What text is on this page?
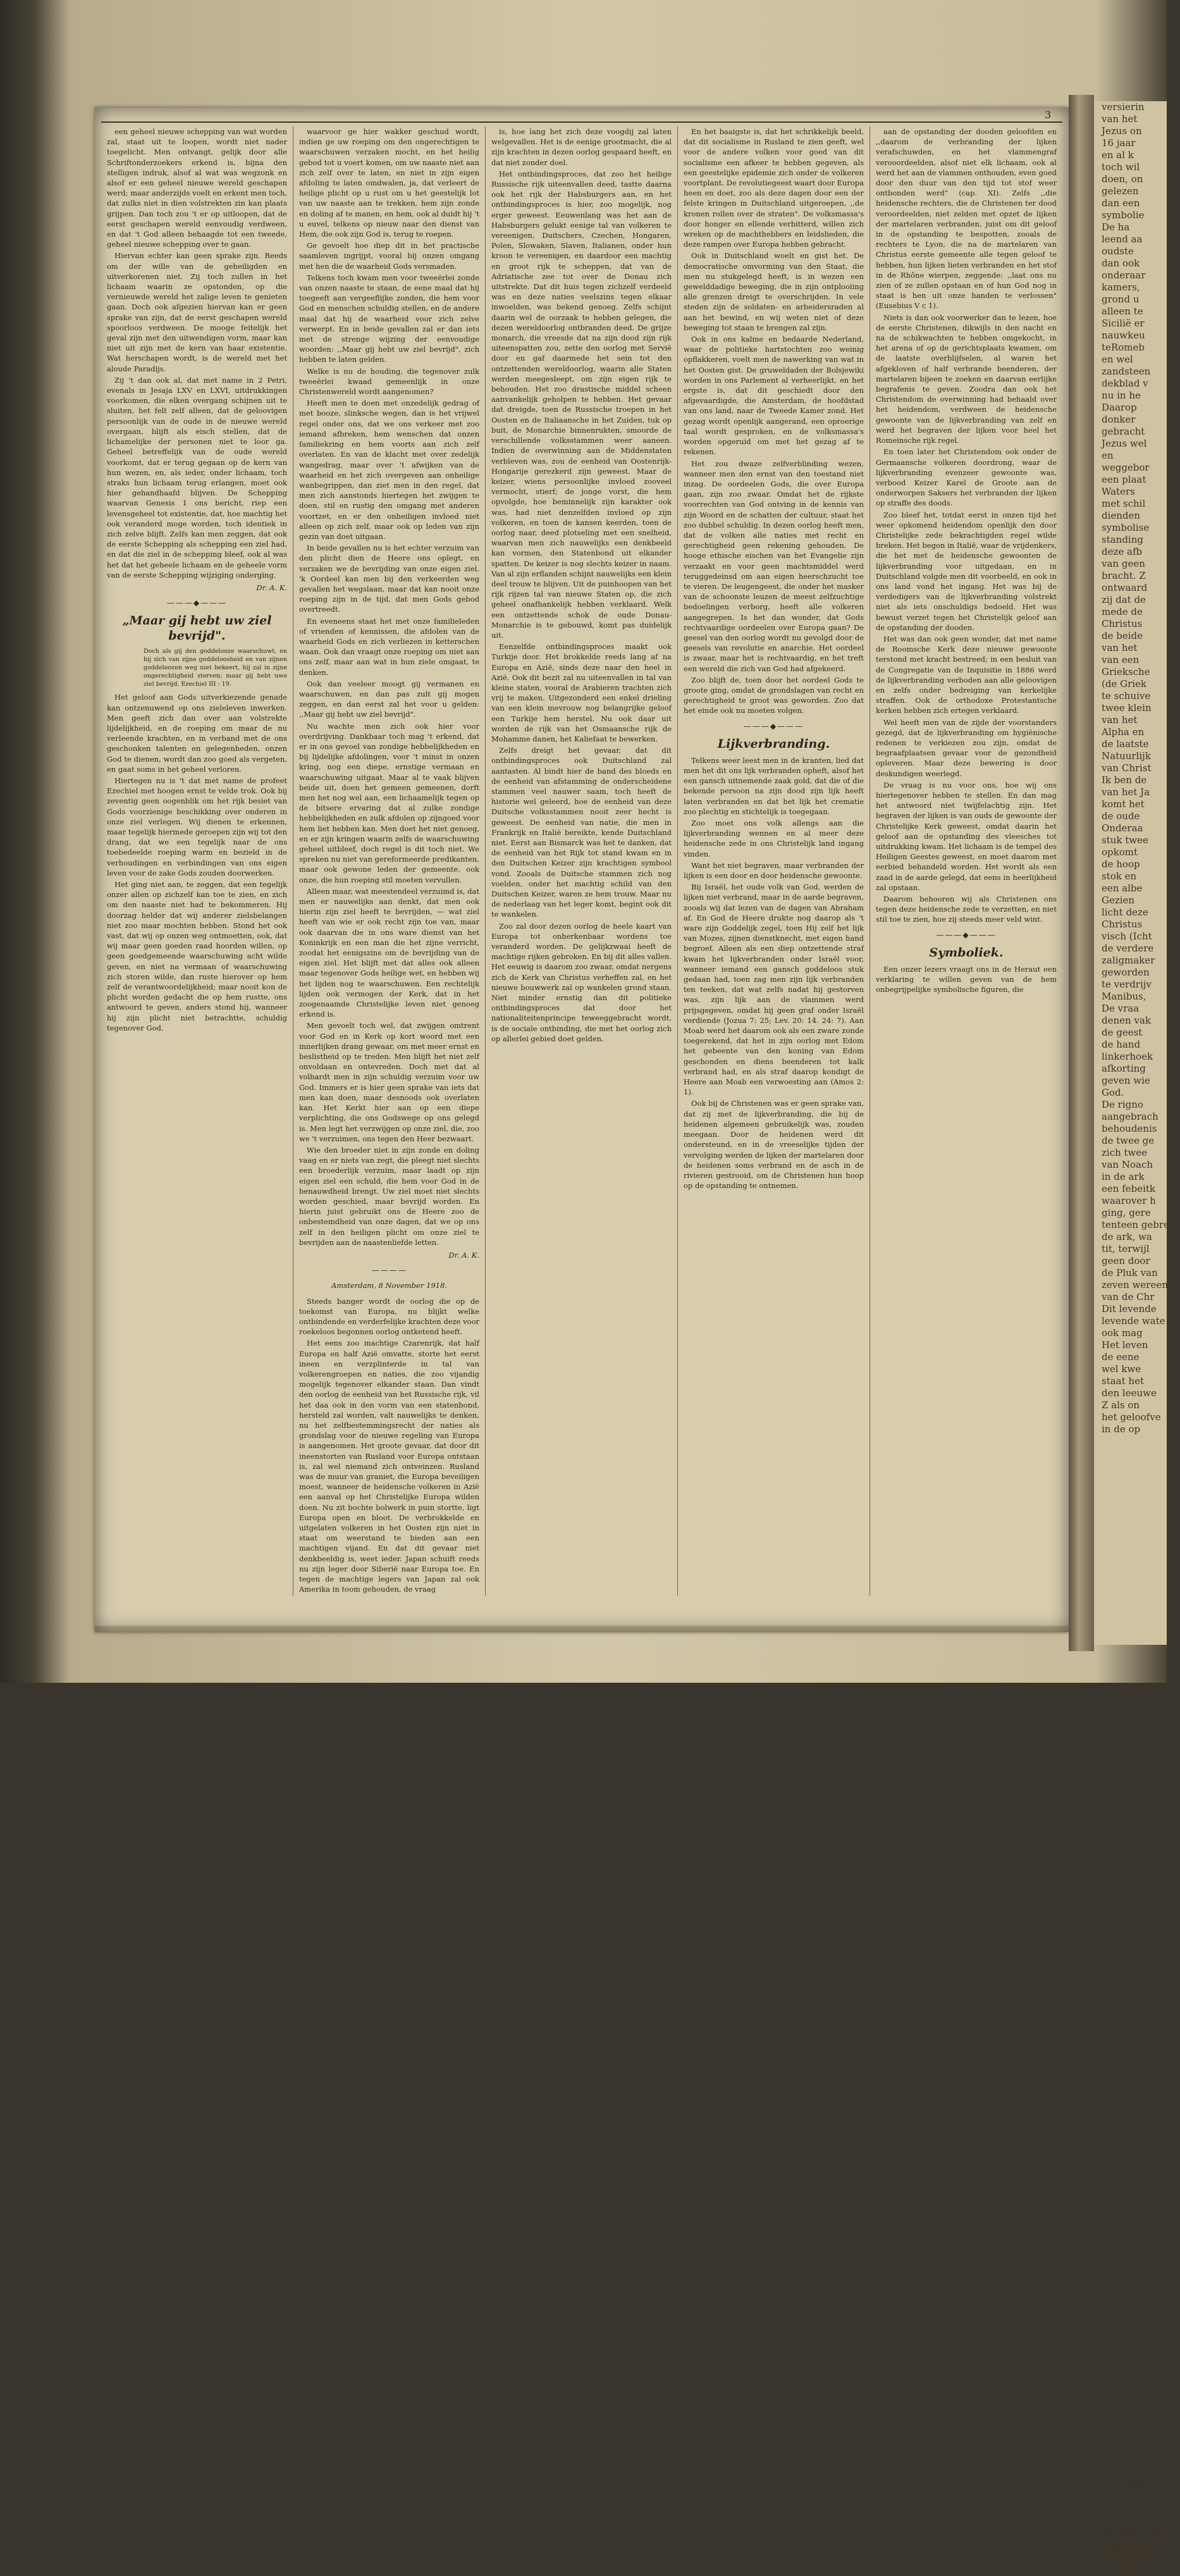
3

een geheel nieuwe schepping van wat worden zal, staat uit te loopen, wordt niet nader toegelicht. Men ontvangt, gelijk door alle Schriftonderzoekers erkend is, bijna den stelligen indruk, alsof al wat was wegzonk en alsof er een geheel nieuwe wereld geschapen werd; maar anderzijds voelt en erkent men toch, dat zulks niet in dien volstrekten zin kan plaats grijpen. Dan toch zou 't er op uitloopen, dat de eerst geschapen wereld eenvoudig verdween, en dat 't God alleen behaagde tot een tweede, geheel nieuwe schepping over te gaan.

Hiervan echter kan geen sprake zijn. Reeds om der wille van de geheiligden en uitverkorenen niet. Zij toch zullen in het lichaam waarin ze opstonden, op die vernieuwde wereld het zalige leven te genieten gaan. Doch ook afgezien hiervan kan er geen sprake van zijn, dat de eerst geschapen wereld spoorloos verdween. De mooge feitelijk het geval zijn met den uitwendigen vorm, maar kan niet uit zijn met de kern van haar existentie. Wat herschapen wordt, is de wereld met het aloude Paradijs.

Zij 't dan ook al, dat met name in 2 Petri, evenals in Jesaja LXV en LXVI, uitdrukkingen voorkomen, die elken overgang schijnen uit te sluiten, het felt zelf alleen, dat de geloovigen persoonlijk van de oude in de nieuwe wereld overgaan, blijft als eisch stellen, dat de lichamelijke der personen niet te loor ga. Geheel betreffelijk van de oude wereld voorkomt, dat er terug gegaan op de kern van hun wezen, en, als ieder, onder lichaam, toch straks hun lichaam terug erlangen, moet ook hier gehandhaafd blijven. De Schepping waarvan Genesis 1 ons bericht, riep een levensgeheel tot existentie, dat, hoe machtig het ook veranderd moge worden, toch identiek in zich zelve blijft. Zelfs kan men zeggen, dat ook de eerste Schepping als schepping een ziel had, en dat die ziel in de schepping bleef, ook al was het dat het geheele lichaam en de geheele vorm van de eerste Schepping wijziging onderging.

Dr. A. K.

———◆———

„Maar gij hebt uw ziel bevrijd".

Doch als gij den goddelooze waarschuwt, en hij zich van zijne goddeloosheid en van zijnen goddeloozen weg niet bekeert, hij zal in zijne ongerechtigheid sterven; maar gij hebt uwe ziel bevrijd. Ezechiel III : 19.

Het geloof aan Gods uitverkiezende genade kan ontzenuwend op ons zieleleven inwerken. Men geeft zich dan over aan volstrekte lijdelijkheid, en de roeping om maar de nu verleende krachten, en in verband met de ons geschonken talenten en gelegenheden, onzen God te dienen, wordt dan zoo goed als vergeten, en gaat soms in het geheel verloren.

Hiertegen nu is 't dat met name de profeet Ezechiel met hoogen ernst te velde trok. Ook bij zeventig geen oogenblik om het rijk besiet van Gods voorzienige beschikking over onderen in onze ziel verlegen. Wij dienen te erkennen, maar tegelijk hiermede geroepen zijn wij tot den drang, dat we een tegelijk naar de ons toebedeelde roeping warm en bezield in de verhoudingen en verbindingen van ons eigen leven voor de zake Gods zouden doorwerken.

Het ging niet aan, te zeggen, dat een tegelijk onzer allen op zichzelf kan toe te zien, en zich om den naaste niet had te bekommeren. Hij doorzag helder dat wij anderer zielsbelangen niet zoo maar mochten hebben. Stond het ook vast, dat wij op onzen weg ontmoetten, ook, dat wij maar geen goeden raad hoorden willen, op geen goedgemeende waarschuwing acht wilde geven, en niet na vermaan of waarschuwing zich storen wilde, dan ruste hierover op hem zelf de verantwoordelijkheid; maar nooit kon de plicht worden gedacht die op hem rustte, ons antwoord te geven, anders stond hij, wanneer hij zijn plicht niet betrachtte, schuldig tegenover God.

waarvoor ge hier wakker geschud wordt, indien ge uw roeping om den ongerechtigen te waarschuwen verzaken mocht, en het heilig gebod tot u voert komen, om uw naaste niet aan zich zelf over te laten, en niet in zijn eigen afdoling te laten omdwalen, ja, dat verleert de heilige plicht op u rust om u het geestelijk lot van uw naaste aan te trekken, hem zijn zonde en doling af te manen, en hem, ook al duidt hij 't u euvel, telkens op nieuw naar den dienst van Hem, die ook zijn God is, terug te roepen.

Ge gevoelt hoe diep dit in het practische saamleven ingrijpt, vooral bij onzen omgang met hen die de waarheid Gods versmaden.

Telkens toch kwam men voor tweeërlei zonde van onzen naaste te staan, de eene maal dat hij toegeeft aan vergeeflijke zonden, die hem voor God en menschen schuldig stellen, en de andere maal dat hij de waarheid voor zich zelve verwerpt. En in beide gevallen zal er dan iets met de strenge wijzing der eenvoudige woorden: ,,Maar gij hebt uw ziel bevrijd", zich hebben te laten gelden.

Welke is nu de houding, die tegenover zulk tweeërlei kwaad gemeenlijk in onze Christenwereld wordt aangenomen?

Heeft men te doen met onzedelijk gedrag of met booze, slinksche wegen, dan is het vrijwel regel onder ons, dat we ons verkeer met zoo iemand afbreken, hem wenschen dat onzen familiekring en hem voorts aan zich zelf overlaten. En van de klacht met over zedelijk wangedrag, maar over 't afwijken van de waarheid en het zich overgeven aan onheilige wanbegrippen, dan ziet men in den regel, dat men zich aanstonds hiertegen het zwijgen te doen, stil en rustig den omgang met anderen voortzet, en er den onheiligen invloed niet alleen op zich zelf, maar ook op leden van zijn gezin van doet uitgaan.

In beide gevallen nu is het echter verzuim van den plicht dien de Heere ons oplegt, en verzaken we de bevrijding van onze eigen ziel. 'k Oordeel kan men bij den verkeerden weg gevallen het wegslaan, maar dat kan nooit onze roeping zijn in de tijd, dat men Gods gebod overtreedt.

En eveneens staat het met onze familieleden of vrienden of kennissen, die afdolen van de waarheid Gods en zich verliezen in ketterschen waan. Ook dan vraagt onze roeping om niet aan ons zelf, maar aan wat in hun ziele omgaat, te denken.

Ook dan veeleer moogt gij vermanen en waarschuwen, en dan pas zult gij mogen zeggen, en dan eerst zal het voor u gelden: ,,Maar gij hebt uw ziel bevrijd".

Nu wachte men zich ook hier voor overdrijving. Dankbaar toch mag 't erkend, dat er in ons gevoel van zondige hebbelijkheden en bij lijdelijke afdolingen, voor 't minst in onzen kring, nog een diepe, ernstige vermaan en waarschuwing uitgaat. Maar al te vaak blijven beide uit, doen het gemeen gemeenen, dorft men het nog wel aan, een lichaamelijk tegen op de bitsere ervaring dat al zulke zondige hebbelijkheden en zulk afdolen op zijngoed voor hem liet hebben kan. Men doet het niet genoeg, en er zijn kringen waarin zelfs de waarschuwing geheel uitbleef, doch regel is dit toch niet. We spreken nu niet van gereformeerde predikanten, maar ook gewone leden der gemeente, ook onze, die hun roeping stil moeten vervullen.

Alleen maar, wat meestendeel verzuimd is, dat men er nauwelijks aan denkt, dat men ook hierin zijn ziel heeft te bevrijden, — wat ziel heeft van wie er ook recht zijn toe van, maar ook daarvan die in ons ware dienst van het Koninkrijk en een man die het zijne verricht, zoodat het eenigszins om de bevrijding van de eigen ziel. Het blijft met dat alles ook alleen maar tegenover Gods heilige wet, en hebben wij het lijden nog te waarschuwen. Een rechtelijk lijden ook vermogen der Kerk, dat in het zoogenaamde Christelijke leven niet genoeg erkend is.

Men gevoelt toch wel, dat zwijgen omtrent voor God en in Kerk op kort woord met een innerlijken drang gewaar, om met meer ernst en beslistheid op te treden. Men blijft het niet zelf onvoldaan en ontevreden. Doch met dat al volhardt men in zijn schuldig verzuim voor uw God. Immers er is hier geen sprake van iets dat men kan doen, maar desnoods ook overlaten kan. Het Kerkt hier aan op een diepe verplichting, die ons Godswege op ons gelegd is. Men legt het verzwijgen op onze ziel, die, zoo we 't verzuimen, ons tegen den Heer bezwaart.

Wie den broeder niet in zijn zonde en doling vaag en er niets van zegt, die pleegt niet slechts een broederlijk verzuim, maar laadt op zijn eigen ziel een schuld, die hem voor God in de benauwdheid brengt. Uw ziel moet niet slechts worden geschied, maar bevrijd worden. En hierin juist gebruikt ons de Heere zoo de onbestemdheid van onze dagen, dat we op ons zelf in den heiligen plicht om onze ziel te bevrijden aan de naastenliefde letten.

Dr. A. K.

————

Amsterdam, 8 November 1918.

Steeds banger wordt de oorlog die op de toekomst van Europa, nu blijkt welke ontbindende en verderfelijke krachten deze voor roekeloos begonnen oorlog ontketend heeft.

Het eens zoo machtige Czarenrijk, dat half Europa en half Azië omvatte, storte het eerst ineen en verzplinterde in tal van volkerengroepen en naties, die zoo vijandig mogelijk tegenover elkander staan. Dan vindt den oorlog de eenheid van het Russische rijk, vil het daa ook in den vorm van een statenbond, hersteld zal worden, valt nauwelijks te denken, nu het zelfbestemmingsrecht der naties als grondslag voor de nieuwe regeling van Europa is aangenomen. Het groote gevaar, dat door dit ineenstorten van Rusland voor Europa ontstaan is, zal wel niemand zich ontveinzen. Rusland was de muur van graniet, die Europa beveiligen moest, wanneer de heidensche volkeren in Azië een aanval op het Christelijke Europa wilden doen. Nu zit bochte bolwerk in puin stortte, ligt Europa open en bloot. De verbrokkelde en uitgelaten volkeren in het Oosten zijn niet in staat om weerstand te bieden aan een machtigen vijand. En dat dit gevaar niet denkbeeldig is, weet ieder. Japan schuift reeds nu zijn leger door Siberië naar Europa toe. En tegen de machtige legers van Japan zal ook Amerika in toom gehouden, de vraag

is, hoe lang het zich deze voogdij zal laten welgevallen. Het is de eenige grootmacht, die al zijn krachten in dezen oorlog gespaard heeft, en dat niet zonder doel.

Het ontbindingsproces, dat zoo het heilige Russische rijk uiteenvallen deed, tastte daarna ook het rijk der Habsburgers aan, en het ontbindingsproces is hier, zoo mogelijk, nog erger geweest. Eeuwenlang was het aan de Habsburgers gelukt eenige tal van volkeren te vereenigen, Duitschers, Czechen, Hongaren, Polen, Slowaken, Slaven, Italianen, onder hun kroon te vereenigen, en daardoor een machtig en groot rijk te scheppen, dat van de Adriatische zee tot over de Donau zich uitstrekte. Dat dit huis tegen zichzelf verdeeld was en deze naties veelszins tegen elkaar inwoelden, was bekend genoeg. Zelfs schijnt daarin wel de oorzaak te hebben gelegen, die dezen wereldoorlog ontbranden deed. De grijze monarch, die vreesde dat na zijn dood zijn rijk uiteenspatten zou, zette den oorlog met Servië door en gaf daarmede het sein tot den ontzettenden wereldoorlog, waarin alle Staten werden meegesleept, om zijn eigen rijk te behouden. Het zoo drastische middel scheen aanvankelijk geholpen te hebben. Het gevaar dat dreigde, toen de Russische troepen in het Oosten en de Italiaansche in het Zuiden, tuk op buit, de Monarchie binnenrukten, smoorde de verschillende volksstammen weer aaneen. Indien de overwinning aan de Middenstaten verbleven was, zou de eenheid van Oostenrijk-Hongarije gerezkerd zijn geweest. Maar de keizer, wiens persoonlijke invloed zooveel vermocht, stierf; de jonge vorst, die hem opvolgde, hoe beminnelijk zijn karakter ook was, had niet denzelfden invloed op zijn volkeren, en toen de kansen keerden, toen de oorlog naar, deed plotseling met een snelheid, waarvan men zich nauwelijks een denkbeeld kan vormen, den Statenbond uit elkander spatten. De keizer is nog slechts keizer in naam. Van al zijn erflanden schijnt nauwelijks een klein deel trouw te blijven. Uit de puinhoopen van het rijk rijzen tal van nieuwe Staten op, die zich geheel onafhankelijk hebben verklaard. Welk een ontzettende schok de oude Donau-Monarchie is te gebouwd, komt pas duidelijk uit.

Eenzelfde ontbindingsproces maakt ook Turkije door. Het brokkelde reeds lang af na Europa en Azië, sinds deze naar den heel in Azië. Ook dit bezit zal nu uiteenvallen in tal van kleine staten, vooral de Arabieren trachten zich vrij te maken. Uitgezonderd een enkel drieling van een klein mevrouw nog belangrijke geloof een Turkije hem herstel. Nu ook daar uit worden de rijk van het Osmaansche rijk de Mohamme danen, het Kaliefaat te bewerken.

Zelfs dreigt het gevaar, dat dit ontbindingsproces ook Duitschland zal aantasten. Al bindt hier de band des bloeds en de eenheid van afstamming de onderscheidene stammen veel nauwer saam, toch heeft de historie wel geleerd, hoe de eenheid van deze Duitsche volksstammen nooit zeer hecht is geweest. De eenheid van natie, die men in Frankrijk en Italië bereikte, kende Duitschland niet. Eerst aan Bismarck was het te danken, dat de eenheid van het Rijk tot stand kwam en in den Duitschen Keizer zijn krachtigen symbool vond. Zooals de Duitsche stammen zich nog voelden, onder het machtig schild van den Duitschen Keizer, waren ze hem trouw. Maar nu de nederlaag van het leger komt, begint ook dit te wankelen.

Zoo zal door dezen oorlog de heele kaart van Europa tot onherkenbaar wordens toe veranderd worden. De gelijkzwaai heeft de machtige rijken gebroken. En bij dit alles vallen. Het eeuwig is daarom zoo zwaar, omdat nergens zich de Kerk van Christus verheffen zal, en het nieuwe bouwwerk zal op wankelen grond staan. Niet minder ernstig dan dit politieke ontbindingsproces dat door het nationaliteitenprincipe teweeggebracht wordt, is de sociale ontbinding, die met het oorlog zich op allerlei gebied doet gelden.

En het baaigste is, dat het schrikkelijk beeld, dat dit socialisme in Rusland te zien geeft, wel voor de andere volken voor goed van dit socialisme een afkeer te hebben gegeven, als een geestelijke epidemie zich onder de volkeren voortplant. De revolutiegeest waart door Europa heen en doet, zoo als deze dagen door een der felste kringen in Duitschland uitgeroepen, ,,de kronen rollen over de straten". De volksmassa's door honger en ellende verbitterd, willen zich wreken op de machthebbers en leidslieden, die deze rampen over Europa hebben gebracht.

Ook in Duitschland woelt en gist het. De democratische omvorming van den Staat, die men nu stukgelegd heeft, is in wezen een gewelddadige beweging, die in zijn ontplooiing alle grenzen dreigt te overschrijden. In vele steden zijn de soldaten- en arbeidersraden al aan het bewind, en wij weten niet of deze beweging tot staan te brengen zal zijn.

Ook in ons kalme en bedaarde Nederland, waar de politieke hartstochten zoo weinig opflakkeren, voelt men de nawerking van wat in het Oosten gist. De gruweldaden der Bolsjewiki worden in ons Parlement al verheerlijkt, en het ergste is, dat dit geschiedt door den afgevaardigde, die Amsterdam, de hoofdstad van ons land, naar de Tweede Kamer zond. Het gezag wordt openlijk aangerand, een oproerige taal wordt gesproken, en de volksmassa's worden opgeruid om met het gezag af te rekenen.

Het zou dwaze zelfverblinding wezen, wanneer men den ernst van den toestand niet inzag. De oordeelen Gods, die over Europa gaan, zijn zoo zwaar. Omdat het de rijkste voorrechten van God ontving in de kennis van zijn Woord en de schatten der cultuur, staat het zoo dubbel schuldig. In dezen oorlog heeft men, dat de volken alle naties met recht en gerechtigheid geen rekening gehouden. De hooge ethische eischen van het Evangelie zijn verzaakt en voor geen machtsmiddel werd teruggedeinsd om aan eigen heerschzucht toe te vieren. De leugengeest, die onder het masker van de schoonste leuzen de meest zelfzuchtige bedoelingen verborg, heeft alle volkeren aangegrepen. Is het dan wonder, dat Gods rechtvaardige oordeelen over Europa gaan? De geesel van den oorlog wordt nu gevolgd door de geesels van revolutie en anarchie. Het oordeel is zwaar, maar het is rechtvaardig, en het treft een wereld die zich van God had afgekeerd.

Zoo blijft de, toen door het oordeel Gods te groote ging, omdat de grondslagen van recht en gerechtigheid te groot was geworden. Zoo dat het einde ook nu moeten volgen.

———◆———

Lijkverbranding.

Telkens weer leest men in de kranten, lied dat men het dit ons lijk verbranden opheft, alsof het een gansch uitnemende zaak gold, dat die of die bekende persoon na zijn dood zijn lijk heeft laten verbranden en dat het lijk het crematie zoo plechtig en stichtelijk is toegegaan.

Zoo moet ons volk allengs aan die lijkverbranding wennen en al meer deze heidensche zede in ons Christelijk land ingang vinden.

Want het niet begraven, maar verbranden der lijken is een door en door heidensche gewoonte.

Bij Israël, het oude volk van God, werden de lijken niet verbrand, maar in de aarde begraven, zooals wij dat lezen van de dagen van Abraham af. En God de Heere drukte nog daarop als 't ware zijn Goddelijk zegel, toen Hij zelf het lijk van Mozes, zijnen dienstknecht, met eigen hand begroef. Alleen als een diep ontzettende straf kwam het lijkverbranden onder Israël voor, wanneer iemand een gansch goddeloos stuk gedaan had, toen zag men zijn lijk verbranden ten teeken, dat wat zelfs nadat hij gestorven was, zijn lijk aan de vlammen werd prijsgegeven, omdat hij geen graf onder Israël verdiende (Jozua 7: 25; Lev. 20: 14. 24: 7). Aan Moab werd het daarom ook als een zware zonde toegerekend, dat het in zijn oorlog met Edom het gebeente van den koning van Edom geschonden en diens beenderen tot kalk verbrand had, en als straf daarop kondigt de Heere aan Moab een verwoesting aan (Amos 2: 1).

Ook bij de Christenen was er geen sprake van, dat zij met de lijkverbranding, die bij de heidenen algemeen gebruikelijk was, zouden meegaan. Door de heidenen werd dit ondersteund, en in de vreeselijke tijden der vervolging werden de lijken der martelaren door de heidenen soms verbrand en de asch in de rivieren gestrooid, om de Christenen hun hoop op de opstanding te ontnemen.

aan de opstanding der dooden geloofden en ,,daarom de verbranding der lijken verafschuwden, en het vlammengraf verooordeelden, alsof niet elk lichaam, ook al werd het aan de vlammen onthouden, even goed door den duur van den tijd tot stof weer ontbonden werd" (cap. XI). Zelfs ,,die heidensche rechters, die de Christenen ter dood veroordeelden, niet zelden met opzet de lijken der martelaren verbranden, juist om dit geloof in de opstanding te bespotten, zooals de rechters te Lyon, die na de martelaren van Christus eerste gemeente alle tegen geloof te hebben, hun lijken lieten verbranden en het stof in de Rhône wierpen, zeggende: ,,laat ons nu zien of ze zullen opstaan en of hun God nog in staat is hen uit onze handen te verlossen" (Eusebius V c 1).

Niets is dan ook voorwerker dan te lezen, hoe de eerste Christenen, dikwijls in den nacht en na de schikwachten te hebben omgekocht, in het arena of op de gerichtsplaats kwamen, om de laatste overblijfselen, al waren het afgekloven of half verbrande beenderen, der martelaren bijeen te zoeken en daarvan eerlijke begrafenis te geven. Zoodra dan ook het Christendom de overwinning had behaald over het heidendom, verdween de heidensche gewoonte van de lijkverbranding van zelf en werd het begraven der lijken voor heel het Romeinsche rijk regel.

En toen later het Christendom ook onder de Germaansche volkeren doordrong, waar de lijkverbranding evenzeer gewoonte was, verbood Keizer Karel de Groote aan de onderworpen Saksers het verbranden der lijken op straffe des doods.

Zoo bleef het, totdat eerst in onzen tijd het weer opkomend heidendom openlijk den door Christelijke zede bekrachtigden regel wilde breken. Het begon in Italië, waar de vrijdenkers, die het met de heidensche gewoonten de lijkverbranding voor uitgedaan, en in Duitschland volgde men dit voorbeeld, en ook in ons land vond het ingang. Het was bij de verdedigers van de lijkverbranding volstrekt niet als iets onschuldigs bedoeld. Het was bewust verzet tegen het Christelijk geloof aan de opstanding der dooden.

Het was dan ook geen wonder, dat met name de Roomsche Kerk deze nieuwe gewoonte terstond met kracht bestreed; in een besluit van de Congregatie van de Inquisitie in 1886 werd de lijkverbranding verboden aan alle geloovigen en zelfs onder bedreiging van kerkelijke straffen. Ook de orthodoxe Protestantsche kerken hebben zich ertegen verklaard.

Wel heeft men van de zijde der voorstanders gezegd, dat de lijkverbranding om hygiënische redenen te verkiezen zou zijn, omdat de begraafplaatsen gevaar voor de gezondheid opleveren. Maar deze bewering is door deskundigen weerlegd.

De vraag is nu voor ons, hoe wij ons hiertegenover hebben te stellen. En dan mag het antwoord niet twijfelachtig zijn. Het begraven der lijken is van ouds de gewoonte der Christelijke Kerk geweest, omdat daarin het geloof aan de opstanding des vleesches tot uitdrukking kwam. Het lichaam is de tempel des Heiligen Geestes geweest, en moet daarom met eerbied behandeld worden. Het wordt als een zaad in de aarde gelegd, dat eens in heerlijkheid zal opstaan.

Daarom behooren wij als Christenen ons tegen deze heidensche zede te verzetten, en niet stil toe te zien, hoe zij steeds meer veld wint.

———◆———

Symboliek.

Een onzer lezers vraagt ons in de Heraut een verklaring te willen geven van de hem onbegrijpelijke symbolische figuren, die

versierin

van het

Jezus on

16 jaar

en al k

toch wil

doen, on

gelezen

dan een

symbolie

De ha

leend aa

oudste

dan ook

onderaar

kamers,

grond u

alleen te

Sicilië er

nauwkeu

teRomeb

en wel

zandsteen

dekblad v

nu in he

Daarop

donker

gebracht

Jezus wel

en

weggebor

een plaat

Waters

met schil

dienden

symbolise

standing

deze afb

van geen

bracht. Z

ontwaard

zij dat de

mede de

Christus

de beide

van het

van een

Grieksche

(de Griek

te schuive

twee klein

van het

Alpha en

de laatste

Natuurlijk

van Christ

Ik ben de

van het Ja

komt het

de oude

Onderaa

stuk twee

opkomt

de hoop

stok en

een albe

Gezien

licht deze

Christus

visch (Icht

de verdere

zaligmaker

geworden

te verdrijv

Manibus,

De vraa

denen vak

de geest

de hand

linkerhoek

afkorting

geven wie

God.

De rigno

aangebrach

behoudenis

de twee ge

zich twee

van Noach

in de ark

een febeitk

waarover h

ging, gere

tenteen gebre

de ark, wa

tit, terwijl

geen door

de Pluk van

zeven wereen

van de Chr

Dit levende

levende wate

ook mag

Het leven

de eene

wel kwe

staat het

den leeuwe

Z als on

het geloofve

in de op

J. C. RULL

LEVEN EN WAT

In zijn de

DE PREDIKAN

tegen aan de

Als gymnasi

voorzicht leer
